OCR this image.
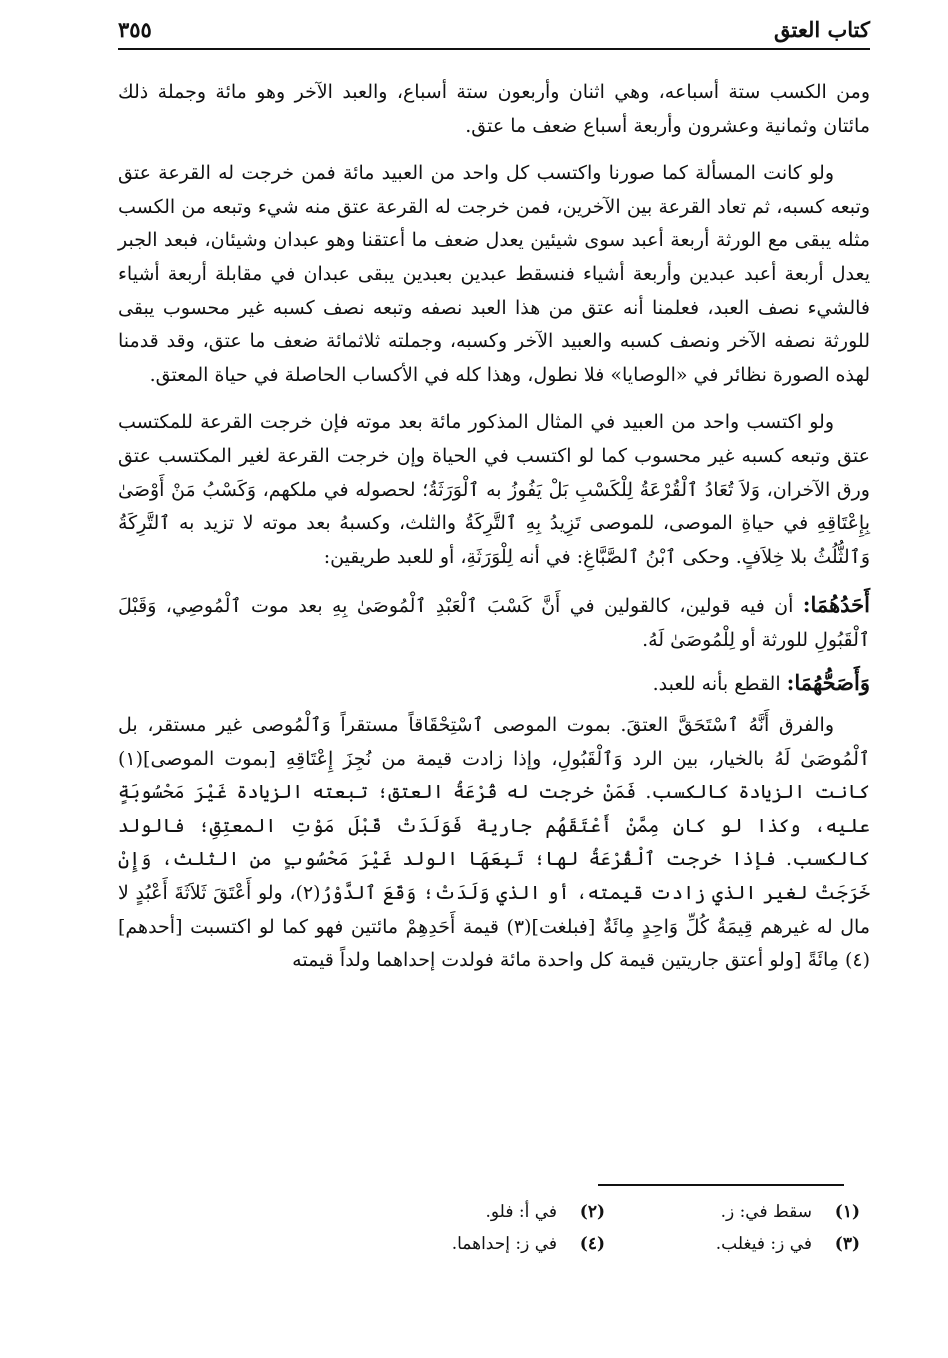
كتاب العتق
٣٥٥

ومن الكسب ستة أسباعه، وهي اثنان وأربعون ستة أسباع، والعبد الآخر وهو مائة وجملة ذلك مائتان وثمانية وعشرون وأربعة أسباع ضعف ما عتق.

ولو كانت المسألة كما صورنا واكتسب كل واحد من العبيد مائة فمن خرجت له القرعة عتق وتبعه كسبه، ثم تعاد القرعة بين الآخرين، فمن خرجت له القرعة عتق منه شيء وتبعه من الكسب مثله يبقى مع الورثة أربعة أعبد سوى شيئين يعدل ضعف ما أعتقنا وهو عبدان وشيئان، فبعد الجبر يعدل أربعة أعبد عبدين وأربعة أشياء فنسقط عبدين بعبدين يبقى عبدان في مقابلة أربعة أشياء فالشيء نصف العبد، فعلمنا أنه عتق من هذا العبد نصفه وتبعه نصف كسبه غير محسوب يبقى للورثة نصفه الآخر ونصف كسبه والعبيد الآخر وكسبه، وجملته ثلاثمائة ضعف ما عتق، وقد قدمنا لهذه الصورة نظائر في «الوصايا» فلا نطول، وهذا كله في الأكساب الحاصلة في حياة المعتق.

ولو اكتسب واحد من العبيد في المثال المذكور مائة بعد موته فإن خرجت القرعة للمكتسب عتق وتبعه كسبه غير محسوب كما لو اكتسب في الحياة وإن خرجت القرعة لغير المكتسب عتق ورق الآخران، وَلاَ تُعَادُ ٱلْقُرْعَةُ لِلْكَسْبِ بَلْ يَفُوزُ به ٱلْوَرَثَةُ؛ لحصوله في ملكهم، وَكَسْبُ مَنْ أَوْصَىٰ بِإِعْتَاقِهِ في حياةِ الموصى، للموصى تَزِيدُ بِهِ ٱلتَّرِكَةُ والثلث، وكسبهُ بعد موته لا تزيد به ٱلتَّرِكَةُ وَٱلثُّلُثُ بلا خِلاَفٍ. وحكى ٱبْنُ ٱلصَّبَّاغِ: في أنه لِلْوَرَثَةِ، أو للعبد طريقين:

أَحَدُهُمَا: أن فيه قولين، كالقولين في أَنَّ كَسْبَ ٱلْعَبْدِ ٱلْمُوصَىٰ بِهِ بعد موت ٱلْمُوصِي، وَقَبْلَ ٱلْقَبُولِ للورثة أو لِلْمُوصَىٰ لَهُ.

وَأَصَحُّهُمَا: القطع بأنه للعبد.

والفرق أَنَّهُ ٱسْتَحَقَّ العتقَ. بموت الموصى ٱسْتِحْقَاقاً مستقراً وَٱلْمُوصى غير مستقر، بل ٱلْمُوصَىٰ لَهُ بالخيار، بين الرد وَٱلْقَبُولِ، وإذا زادت قيمة من نُجِزَ إِعْتَاقِهِ [بموت الموصى](١) كانت الزيادة كالكسب. فَمَنْ خرجت له قُرْعَةُ العتق؛ تبعته الزيادة غَيْرَ مَحْسُوبَةٍ عليه، وكذا لو كان مِمَّنْ أَعْتَقَهُم جارية فَوَلَدَتْ قَبْلَ مَوْتِ المعتِقِ؛ فالولد كالكسب. فإذا خرجت ٱلْقُرْعَةُ لها؛ تَبِعَهَا الولد غَيْرَ مَحْسُوبٍ من الثلث، وَإِنْ خَرَجَتْ لغير الذي زادت قيمته، أو الذي وَلَدَتْ؛ وَقَعَ ٱلدَّوْرُ(٢)، ولو أَعْتَقَ ثَلاَثَةَ أَعْبُدٍ لا مال له غيرهم قِيمَةُ كُلِّ وَاحِدٍ مِائَةٌ [فبلغت](٣) قيمة أَحَدِهِمْ مائتين فهو كما لو اكتسبت [أحدهم](٤) مِائَةً [ولو أعتق جاريتين قيمة كل واحدة مائة فولدت إحداهما ولداً قيمته

(١)
سقط في: ز.
(٢)
في أ: فلو.
(٣)
في ز: فيغلب.
(٤)
في ز: إحداهما.
